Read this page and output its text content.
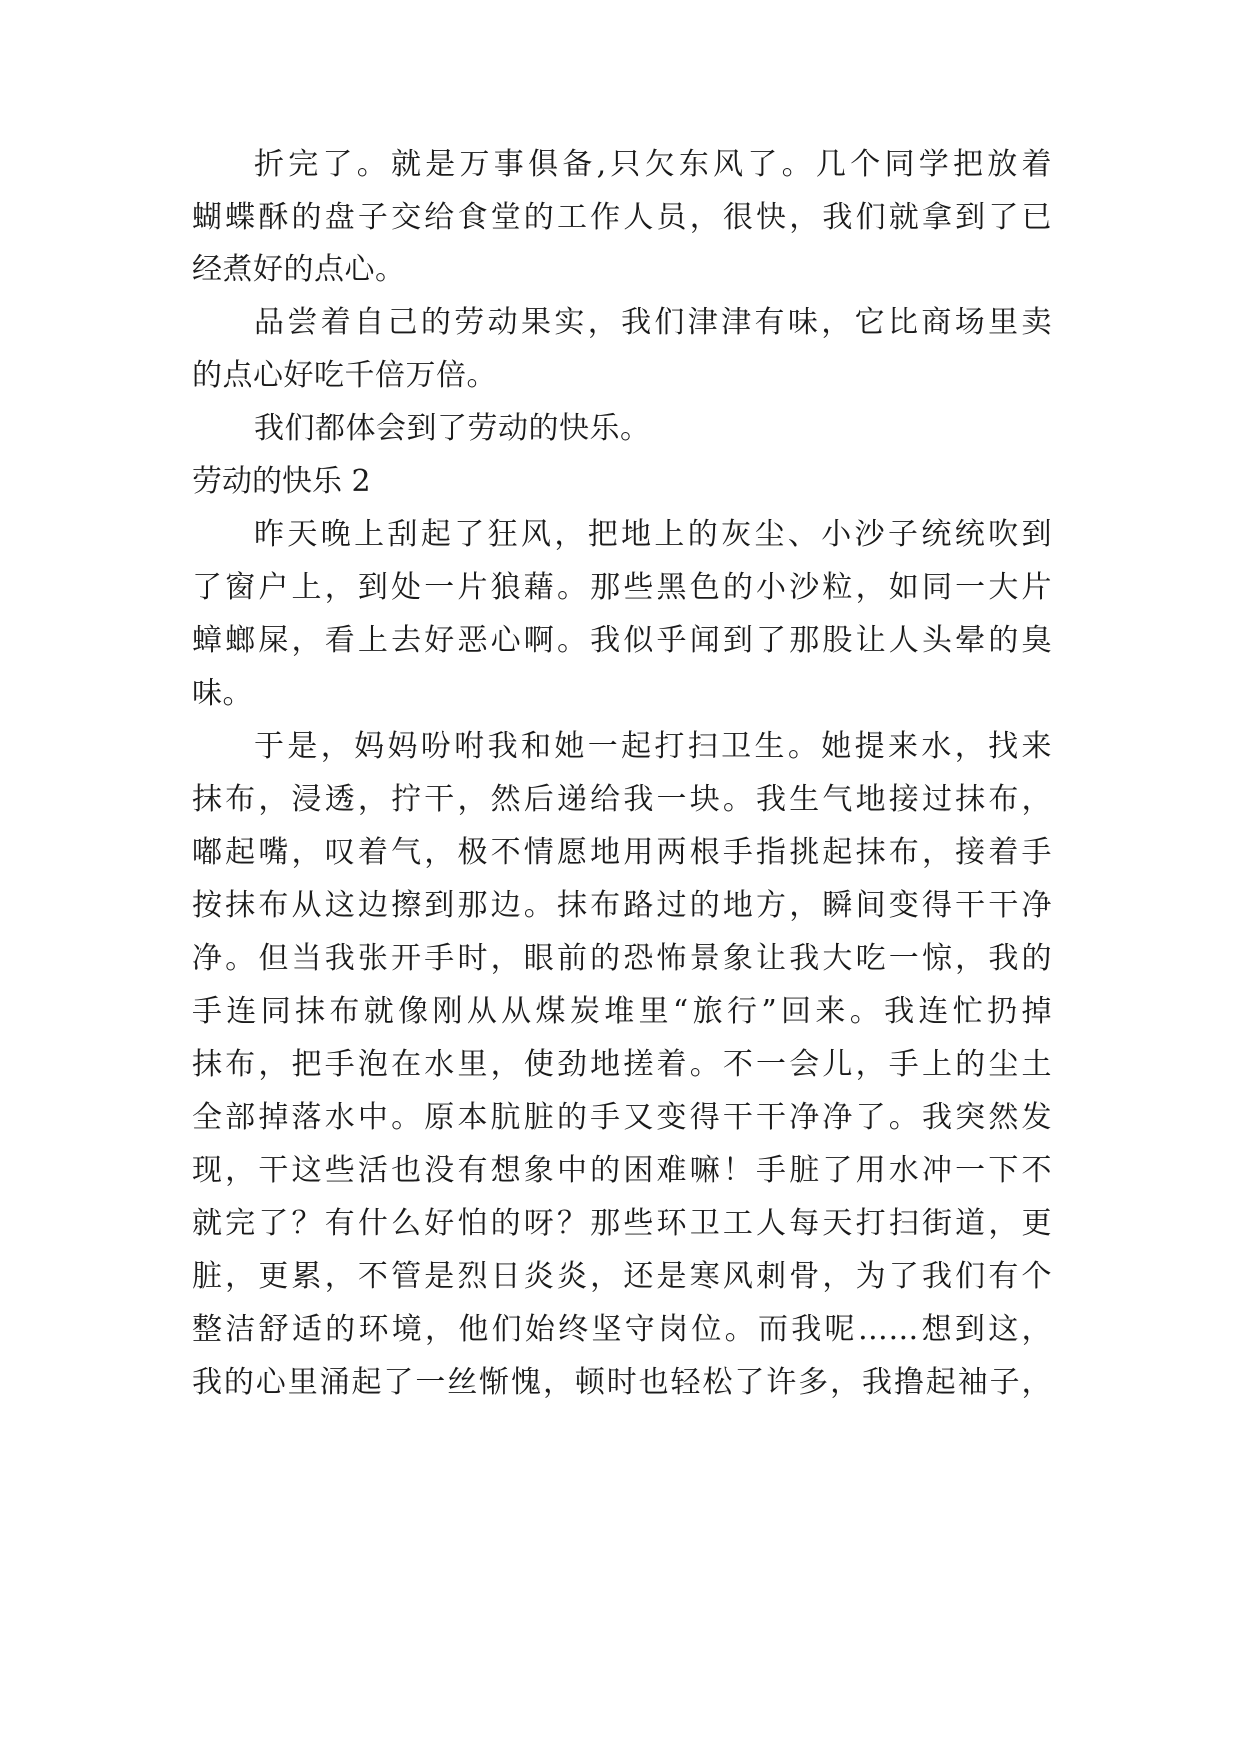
折完了。就是万事俱备,只欠东风了。几个同学把放着
蝴蝶酥的盘子交给食堂的工作人员，很快，我们就拿到了已
经煮好的点心。
品尝着自己的劳动果实，我们津津有味，它比商场里卖
的点心好吃千倍万倍。
我们都体会到了劳动的快乐。
劳动的快乐 2
昨天晚上刮起了狂风，把地上的灰尘、小沙子统统吹到
了窗户上，到处一片狼藉。那些黑色的小沙粒，如同一大片
蟑螂屎，看上去好恶心啊。我似乎闻到了那股让人头晕的臭
味。
于是，妈妈吩咐我和她一起打扫卫生。她提来水，找来
抹布，浸透，拧干，然后递给我一块。我生气地接过抹布，
嘟起嘴，叹着气，极不情愿地用两根手指挑起抹布，接着手
按抹布从这边擦到那边。抹布路过的地方，瞬间变得干干净
净。但当我张开手时，眼前的恐怖景象让我大吃一惊，我的
手连同抹布就像刚从从煤炭堆里“旅行”回来。我连忙扔掉
抹布，把手泡在水里，使劲地搓着。不一会儿，手上的尘土
全部掉落水中。原本肮脏的手又变得干干净净了。我突然发
现，干这些活也没有想象中的困难嘛！手脏了用水冲一下不
就完了？有什么好怕的呀？那些环卫工人每天打扫街道，更
脏，更累，不管是烈日炎炎，还是寒风刺骨，为了我们有个
整洁舒适的环境，他们始终坚守岗位。而我呢……想到这，
我的心里涌起了一丝惭愧，顿时也轻松了许多，我撸起袖子，
